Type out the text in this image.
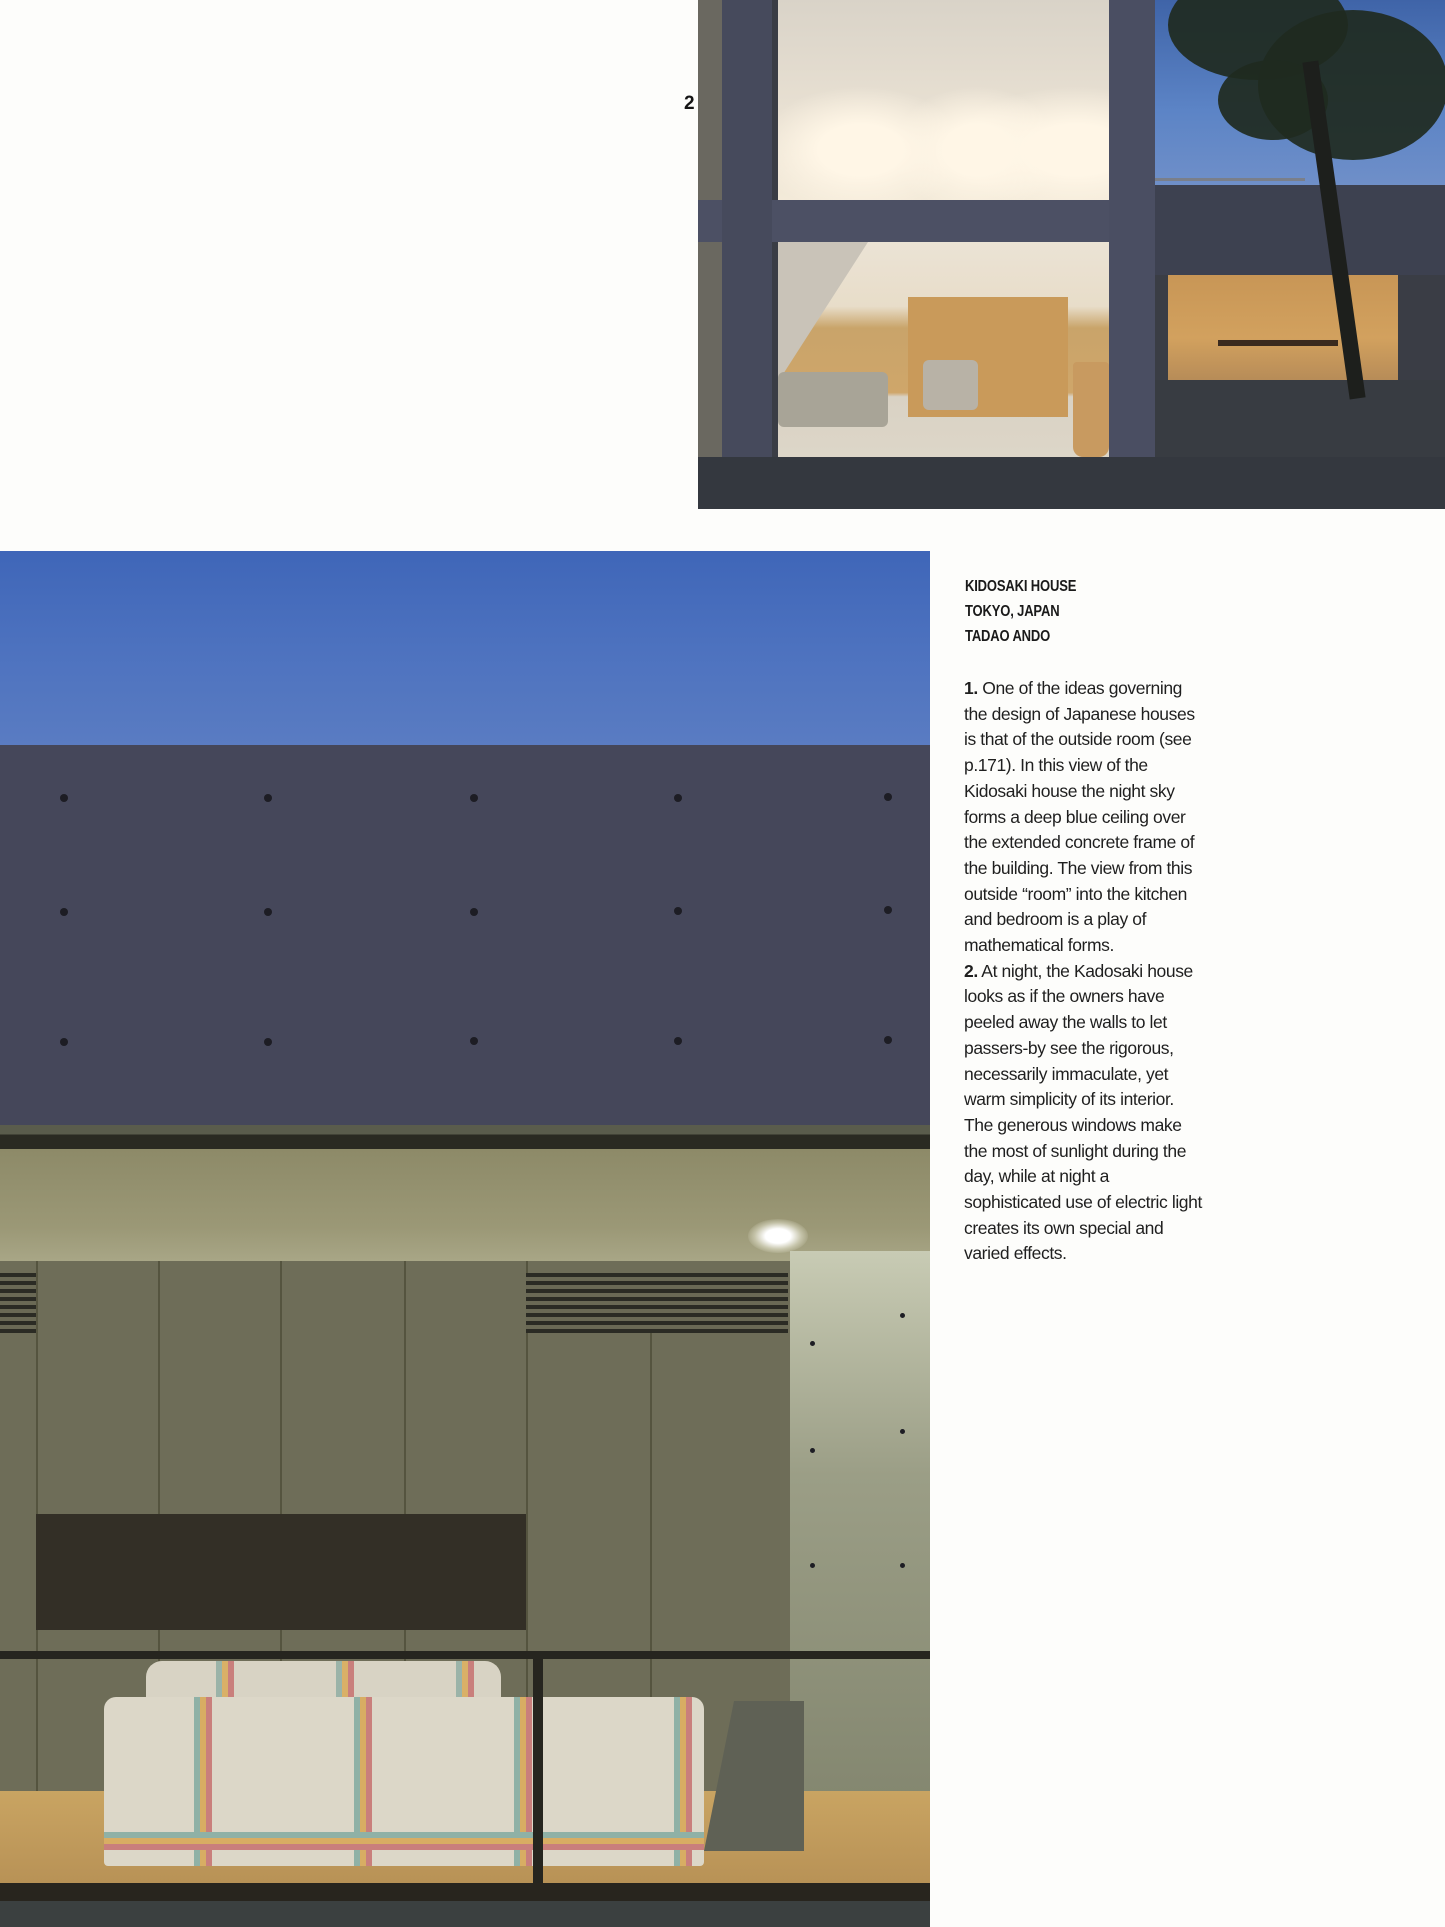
2
KIDOSAKI HOUSE
TOKYO, JAPAN
TADAO ANDO

1. One of the ideas governing the design of Japanese houses is that of the outside room (see p.171). In this view of the Kidosaki house the night sky forms a deep blue ceiling over the extended concrete frame of the building. The view from this outside “room” into the kitchen and bedroom is a play of mathematical forms.

2. At night, the Kadosaki house looks as if the owners have peeled away the walls to let passers-by see the rigorous, necessarily immaculate, yet warm simplicity of its interior. The generous windows make the most of sunlight during the day, while at night a sophisticated use of electric light creates its own special and varied effects.
